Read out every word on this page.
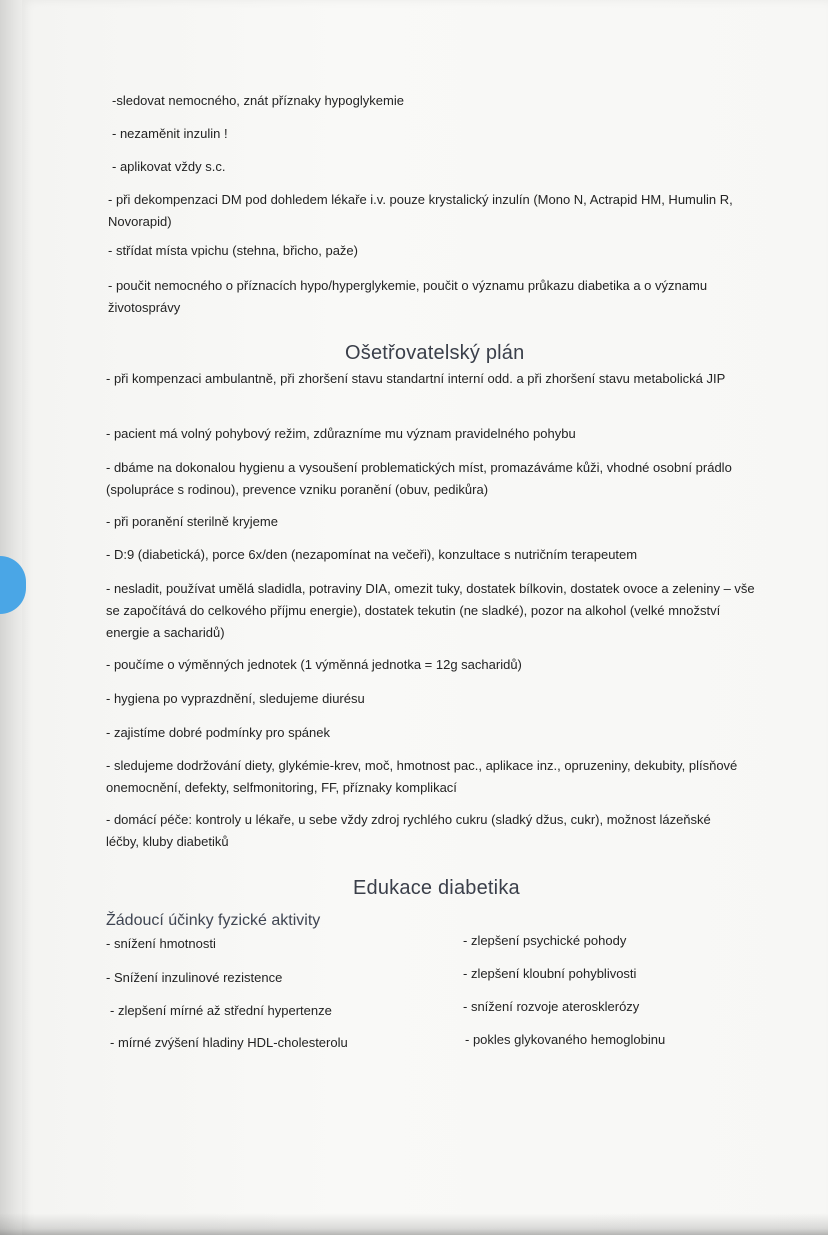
-sledovat nemocného, znát příznaky hypoglykemie
- nezaměnit inzulin !
- aplikovat vždy s.c.
- při dekompenzaci DM pod dohledem lékaře i.v. pouze krystalický inzulín (Mono N, Actrapid HM, Humulin R, Novorapid)
- střídat místa vpichu (stehna, břicho, paže)
- poučit nemocného o příznacích hypo/hyperglykemie, poučit o významu průkazu diabetika a o významu životosprávy
Ošetřovatelský plán
- při kompenzaci ambulantně, při zhoršení stavu standartní interní odd. a při zhoršení stavu metabolická JIP
- pacient má volný pohybový režim, zdůrazníme mu význam pravidelného pohybu
- dbáme na dokonalou hygienu a vysoušení problematických míst, promazáváme kůži, vhodné osobní prádlo (spolupráce s rodinou), prevence vzniku poranění (obuv, pedikůra)
- při poranění sterilně kryjeme
- D:9 (diabetická), porce 6x/den (nezapomínat na večeři), konzultace s nutričním terapeutem
- nesladit, používat umělá sladidla, potraviny DIA, omezit tuky, dostatek bílkovin, dostatek ovoce a zeleniny – vše se započítává do celkového příjmu energie), dostatek tekutin (ne sladké), pozor na alkohol (velké množství energie a sacharidů)
- poučíme o výměnných jednotek (1 výměnná jednotka = 12g sacharidů)
- hygiena po vyprazdnění, sledujeme diurésu
- zajistíme dobré podmínky pro spánek
- sledujeme dodržování diety, glykémie-krev, moč, hmotnost pac., aplikace inz., opruzeniny, dekubity, plísňové onemocnění, defekty, selfmonitoring, FF, příznaky komplikací
- domácí péče: kontroly u lékaře, u sebe vždy zdroj rychlého cukru (sladký džus, cukr), možnost lázeňské léčby, kluby diabetiků
Edukace diabetika
Žádoucí účinky fyzické aktivity
- snížení hmotnosti
- Snížení inzulinové rezistence
- zlepšení mírné až střední hypertenze
- mírné zvýšení hladiny HDL-cholesterolu
- zlepšení psychické pohody
- zlepšení kloubní pohyblivosti
- snížení rozvoje aterosklerózy
- pokles glykovaného hemoglobinu
